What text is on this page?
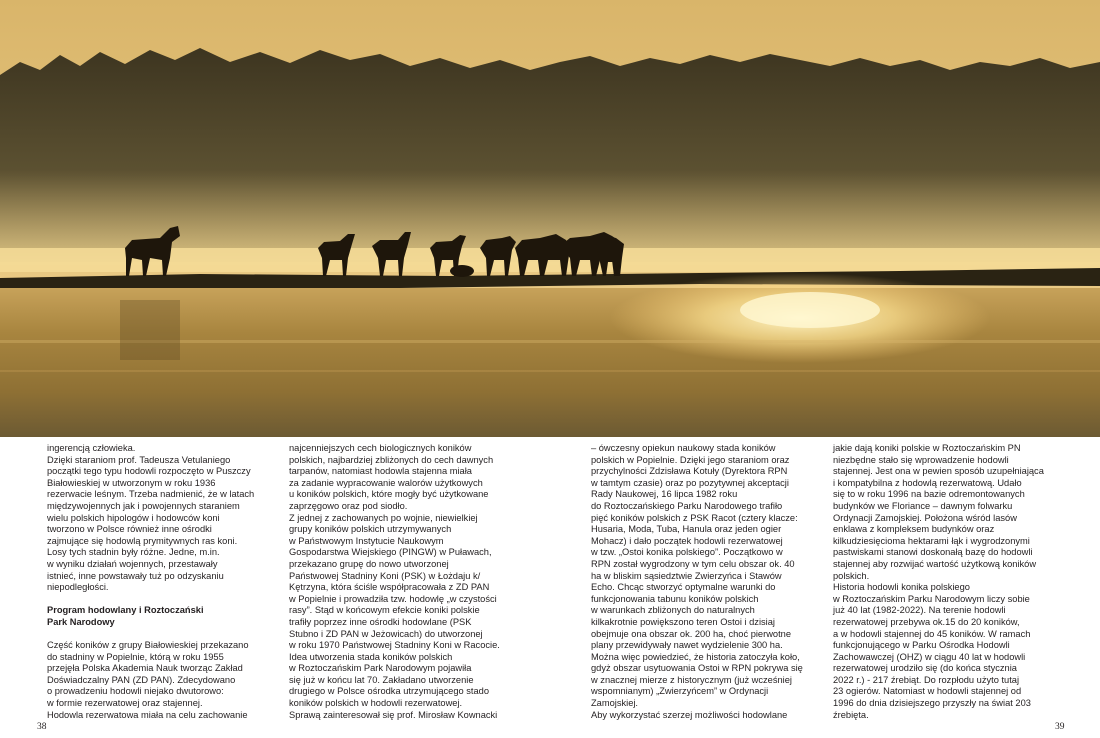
ingerencją człowieka.
Dzięki staraniom prof. Tadeusza Vetulaniego
początki tego typu hodowli rozpoczęto w Puszczy
Białowieskiej w utworzonym w roku 1936
rezerwacie leśnym. Trzeba nadmienić, że w latach
międzywojennych jak i powojennych staraniem
wielu polskich hipologów i hodowców koni
tworzono w Polsce również inne ośrodki
zajmujące się hodowlą prymitywnych ras koni.
Losy tych stadnin były różne. Jedne, m.in.
w wyniku działań wojennych, przestawały
istnieć, inne powstawały tuż po odzyskaniu
niepodległości.

Program hodowlany i Roztoczański
Park Narodowy

Część koników z grupy Białowieskiej przekazano
do stadniny w Popielnie, którą w roku 1955
przejęła Polska Akademia Nauk tworząc Zakład
Doświadczalny PAN (ZD PAN). Zdecydowano
o prowadzeniu hodowli niejako dwutorowo:
w formie rezerwatowej oraz stajennej.
Hodowla rezerwatowa miała na celu zachowanie

najcenniejszych cech biologicznych koników
polskich, najbardziej zbliżonych do cech dawnych
tarpanów, natomiast hodowla stajenna miała
za zadanie wypracowanie walorów użytkowych
u koników polskich, które mogły być użytkowane
zaprzęgowo oraz pod siodło.
Z jednej z zachowanych po wojnie, niewielkiej
grupy koników polskich utrzymywanych
w Państwowym Instytucie Naukowym
Gospodarstwa Wiejskiego (PINGW) w Puławach,
przekazano grupę do nowo utworzonej
Państwowej Stadniny Koni (PSK) w Łożdaju k/
Kętrzyna, która ściśle współpracowała z ZD PAN
w Popielnie i prowadziła tzw. hodowlę „w czystości
rasy”. Stąd w końcowym efekcie koniki polskie
trafiły poprzez inne ośrodki hodowlane (PSK
Stubno i ZD PAN w Jeżowicach) do utworzonej
w roku 1970 Państwowej Stadniny Koni w Racocie.
Idea utworzenia stada koników polskich
w Roztoczańskim Park Narodowym pojawiła
się już w końcu lat 70. Zakładano utworzenie
drugiego w Polsce ośrodka utrzymującego stado
koników polskich w hodowli rezerwatowej.
Sprawą zainteresował się prof. Mirosław Kownacki

– ówczesny opiekun naukowy stada koników
polskich w Popielnie. Dzięki jego staraniom oraz
przychylności Zdzisława Kotuły (Dyrektora RPN
w tamtym czasie) oraz po pozytywnej akceptacji
Rady Naukowej, 16 lipca 1982 roku
do Roztoczańskiego Parku Narodowego trafiło
pięć koników polskich z PSK Racot (cztery klacze:
Husaria, Moda, Tuba, Hanula oraz jeden ogier
Mohacz) i dało początek hodowli rezerwatowej
w tzw. „Ostoi konika polskiego”. Początkowo w
RPN został wygrodzony w tym celu obszar ok. 40
ha w bliskim sąsiedztwie Zwierzyńca i Stawów
Echo. Chcąc stworzyć optymalne warunki do
funkcjonowania tabunu koników polskich
w warunkach zbliżonych do naturalnych
kilkakrotnie powiększono teren Ostoi i dzisiaj
obejmuje ona obszar ok. 200 ha, choć pierwotne
plany przewidywały nawet wydzielenie 300 ha.
Można więc powiedzieć, że historia zatoczyła koło,
gdyż obszar usytuowania Ostoi w RPN pokrywa się
w znacznej mierze z historycznym (już wcześniej
wspomnianym) „Zwierzyńcem” w Ordynacji
Zamojskiej.
Aby wykorzystać szerzej możliwości hodowlane

jakie dają koniki polskie w Roztoczańskim PN
niezbędne stało się wprowadzenie hodowli
stajennej. Jest ona w pewien sposób uzupełniająca
i kompatybilna z hodowlą rezerwatową. Udało
się to w roku 1996 na bazie odremontowanych
budynków we Floriance – dawnym folwarku
Ordynacji Zamojskiej. Położona wśród lasów
enklawa z kompleksem budynków oraz
kilkudziesięcioma hektarami łąk i wygrodzonymi
pastwiskami stanowi doskonałą bazę do hodowli
stajennej aby rozwijać wartość użytkową koników
polskich.
Historia hodowli konika polskiego
w Roztoczańskim Parku Narodowym liczy sobie
już 40 lat (1982-2022). Na terenie hodowli
rezerwatowej przebywa ok.15 do 20 koników,
a w hodowli stajennej do 45 koników. W ramach
funkcjonującego w Parku Ośrodka Hodowli
Zachowawczej (OHZ) w ciągu 40 lat w hodowli
rezerwatowej urodziło się (do końca stycznia
2022 r.) - 217 źrebiąt. Do rozpłodu użyto tutaj
23 ogierów. Natomiast w hodowli stajennej od
1996 do dnia dzisiejszego przyszły na świat 203
źrebięta.

38	39
